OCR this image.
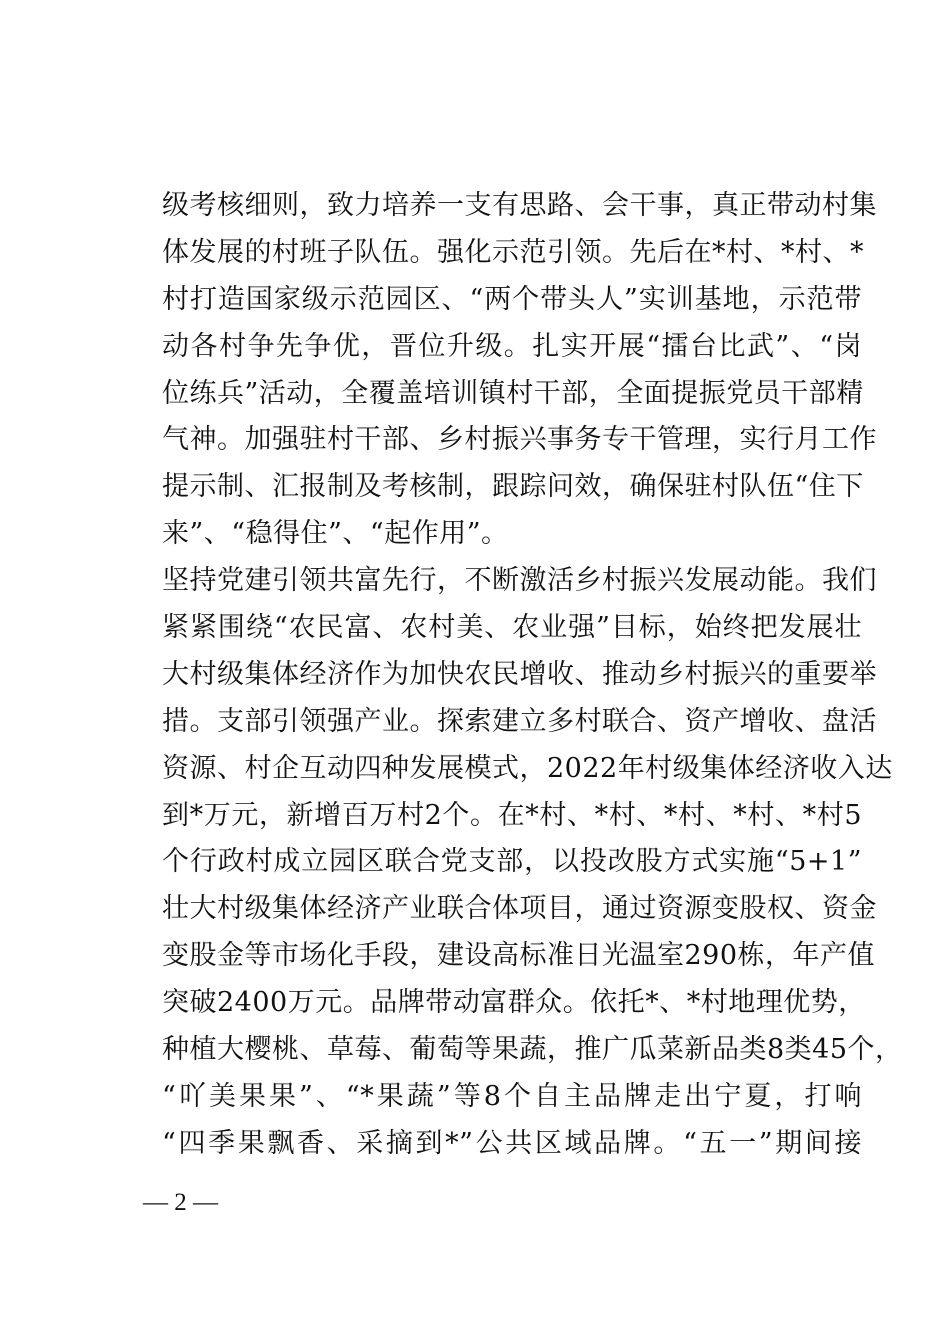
级考核细则，致力培养一支有思路、会干事，真正带动村集
体发展的村班子队伍。强化示范引领。先后在*村、*村、*
村打造国家级示范园区、“两个带头人”实训基地，示范带
动各村争先争优，晋位升级。扎实开展“擂台比武”、“岗
位练兵”活动，全覆盖培训镇村干部，全面提振党员干部精
气神。加强驻村干部、乡村振兴事务专干管理，实行月工作
提示制、汇报制及考核制，跟踪问效，确保驻村队伍“住下
来”、“稳得住”、“起作用”。
坚持党建引领共富先行，不断激活乡村振兴发展动能。我们
紧紧围绕“农民富、农村美、农业强”目标，始终把发展壮
大村级集体经济作为加快农民增收、推动乡村振兴的重要举
措。支部引领强产业。探索建立多村联合、资产增收、盘活
资源、村企互动四种发展模式，2022年村级集体经济收入达
到*万元，新增百万村2个。在*村、*村、*村、*村、*村5
个行政村成立园区联合党支部，以投改股方式实施“5+1”
壮大村级集体经济产业联合体项目，通过资源变股权、资金
变股金等市场化手段，建设高标准日光温室290栋，年产值
突破2400万元。品牌带动富群众。依托*、*村地理优势，
种植大樱桃、草莓、葡萄等果蔬，推广瓜菜新品类8类45个，
“吖美果果”、“*果蔬”等8个自主品牌走出宁夏，打响
“四季果飘香、采摘到*”公共区域品牌。“五一”期间接
— 2 —
